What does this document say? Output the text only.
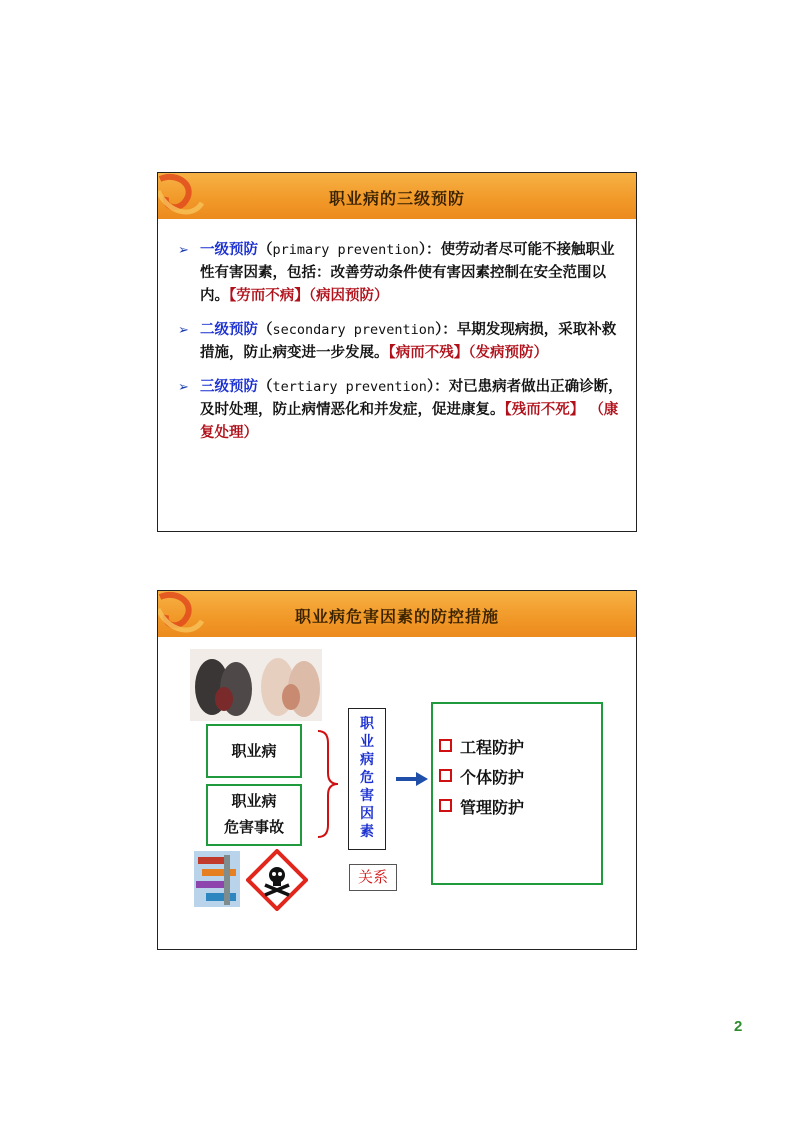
职业病的三级预防
➢ 一级预防（primary prevention）：使劳动者尽可能不接触职业性有害因素，包括：改善劳动条件使有害因素控制在安全范围以内。【劳而不病】（病因预防）
➢ 二级预防（secondary prevention）：早期发现病损，采取补救措施，防止病变进一步发展。【病而不残】（发病预防）
➢ 三级预防（tertiary prevention）：对已患病者做出正确诊断，及时处理，防止病情恶化和并发症，促进康复。【残而不死】 （康复处理）
职业病危害因素的防控措施
职业病
职业病
危害事故
职
业
病
危
害
因
素
工程防护
个体防护
管理防护
关系
2
